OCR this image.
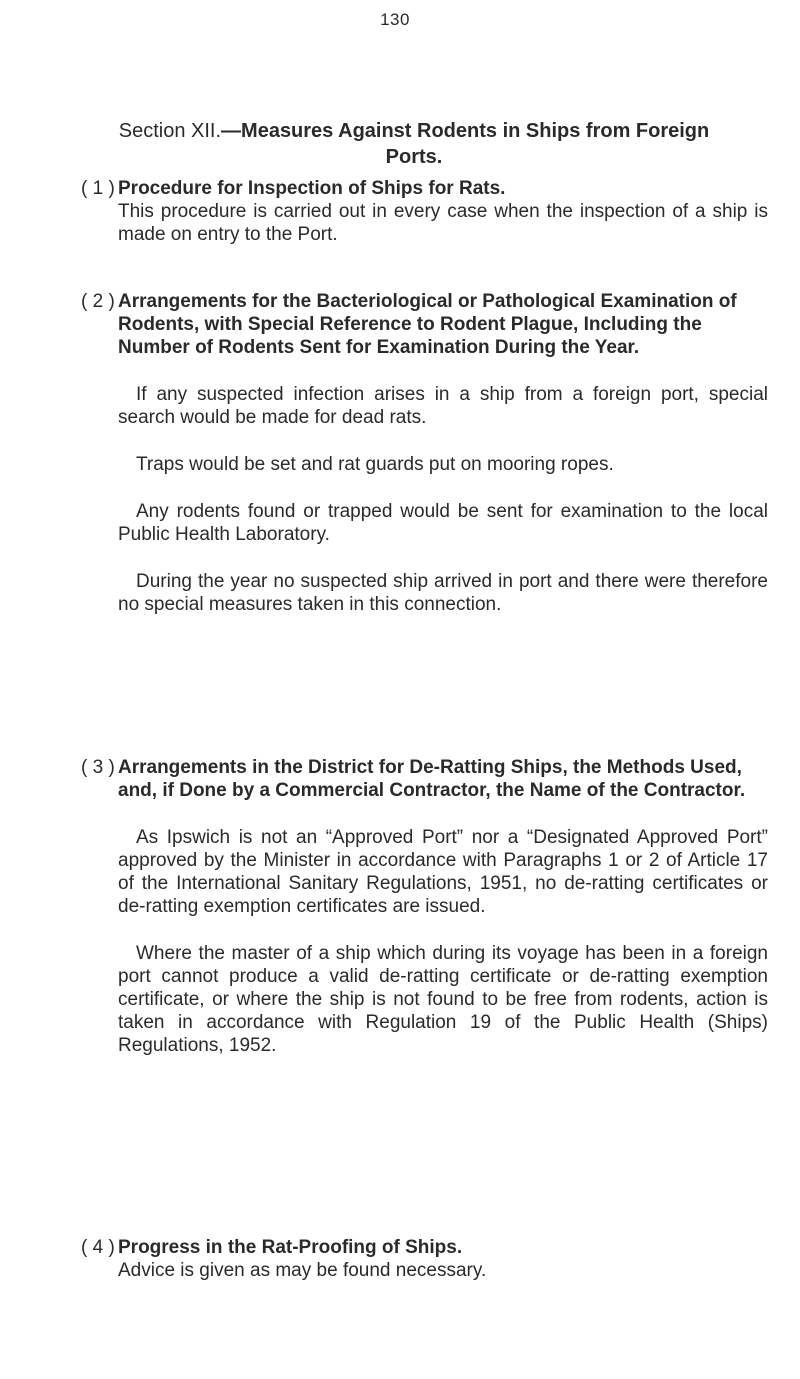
130
Section XII.—Measures Against Rodents in Ships from Foreign Ports.

( 1 ) Procedure for Inspection of Ships for Rats.

This procedure is carried out in every case when the inspection of a ship is made on entry to the Port.

( 2 ) Arrangements for the Bacteriological or Pathological Examination of Rodents, with Special Reference to Rodent Plague, Including the Number of Rodents Sent for Examination During the Year.

If any suspected infection arises in a ship from a foreign port, special search would be made for dead rats.

Traps would be set and rat guards put on mooring ropes.

Any rodents found or trapped would be sent for examination to the local Public Health Laboratory.

During the year no suspected ship arrived in port and there were therefore no special measures taken in this connection.

( 3 ) Arrangements in the District for De-Ratting Ships, the Methods Used, and, if Done by a Commercial Contractor, the Name of the Contractor.

As Ipswich is not an “Approved Port” nor a “Designated Approved Port” approved by the Minister in accordance with Paragraphs 1 or 2 of Article 17 of the International Sanitary Regulations, 1951, no de-ratting certificates or de-ratting exemption certificates are issued.

Where the master of a ship which during its voyage has been in a foreign port cannot produce a valid de-ratting certificate or de-ratting exemption certificate, or where the ship is not found to be free from rodents, action is taken in accordance with Regulation 19 of the Public Health (Ships) Regulations, 1952.

( 4 ) Progress in the Rat-Proofing of Ships.

Advice is given as may be found necessary.
